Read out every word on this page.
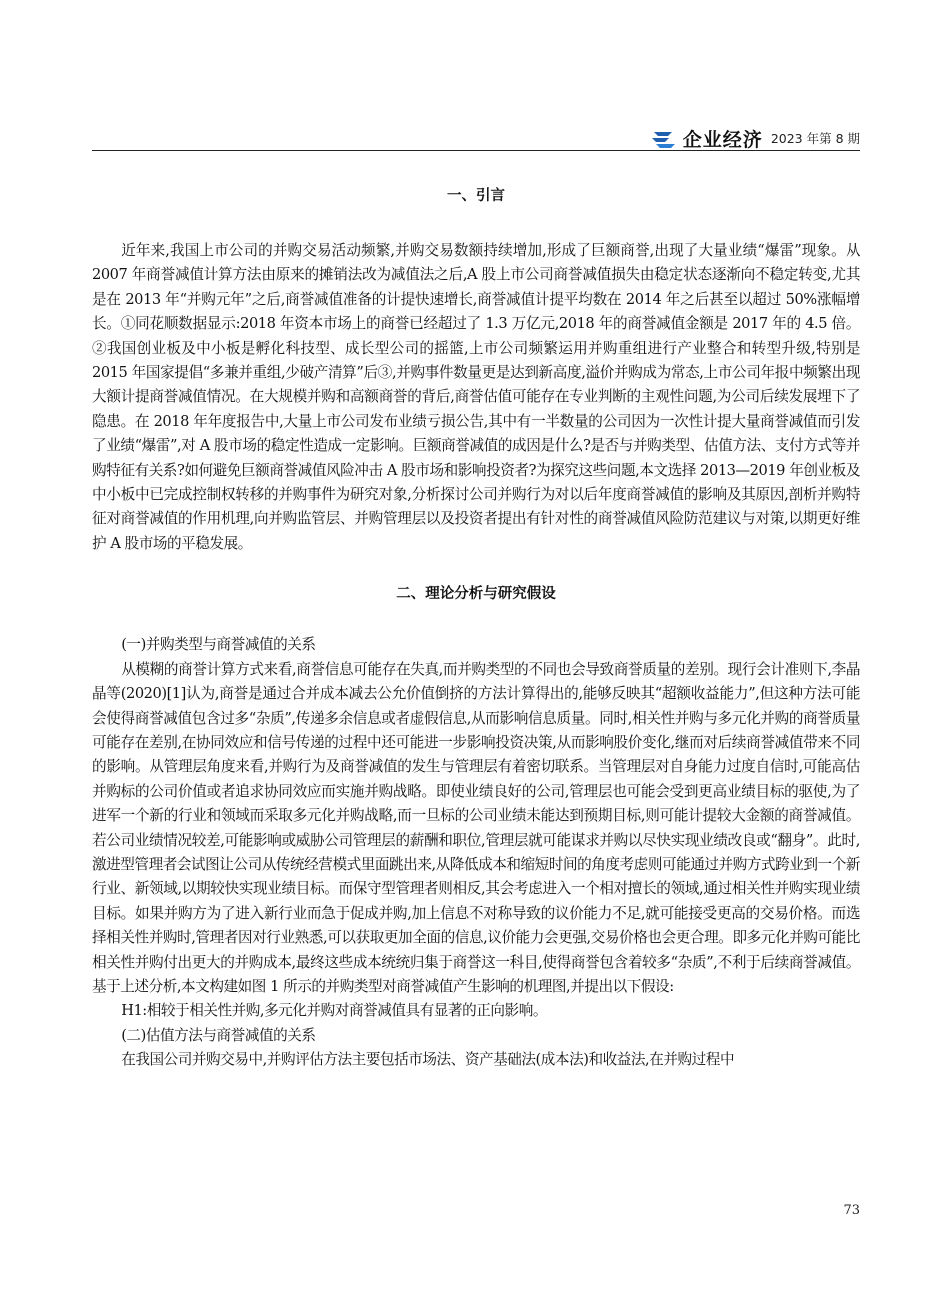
企业经济 2023 年第 8 期
一、引言

近年来,我国上市公司的并购交易活动频繁,并购交易数额持续增加,形成了巨额商誉,出现了大量业绩“爆雷”现象。从 2007 年商誉减值计算方法由原来的摊销法改为减值法之后,A 股上市公司商誉减值损失由稳定状态逐渐向不稳定转变,尤其是在 2013 年“并购元年”之后,商誉减值准备的计提快速增长,商誉减值计提平均数在 2014 年之后甚至以超过 50%涨幅增长。①同花顺数据显示:2018 年资本市场上的商誉已经超过了 1.3 万亿元,2018 年的商誉减值金额是 2017 年的 4.5 倍。②我国创业板及中小板是孵化科技型、成长型公司的摇篮,上市公司频繁运用并购重组进行产业整合和转型升级,特别是 2015 年国家提倡“多兼并重组,少破产清算”后③,并购事件数量更是达到新高度,溢价并购成为常态,上市公司年报中频繁出现大额计提商誉减值情况。在大规模并购和高额商誉的背后,商誉估值可能存在专业判断的主观性问题,为公司后续发展埋下了隐患。在 2018 年年度报告中,大量上市公司发布业绩亏损公告,其中有一半数量的公司因为一次性计提大量商誉减值而引发了业绩“爆雷”,对 A 股市场的稳定性造成一定影响。巨额商誉减值的成因是什么?是否与并购类型、估值方法、支付方式等并购特征有关系?如何避免巨额商誉减值风险冲击 A 股市场和影响投资者?为探究这些问题,本文选择 2013—2019 年创业板及中小板中已完成控制权转移的并购事件为研究对象,分析探讨公司并购行为对以后年度商誉减值的影响及其原因,剖析并购特征对商誉减值的作用机理,向并购监管层、并购管理层以及投资者提出有针对性的商誉减值风险防范建议与对策,以期更好维护 A 股市场的平稳发展。

二、理论分析与研究假设

(一)并购类型与商誉减值的关系

从模糊的商誉计算方式来看,商誉信息可能存在失真,而并购类型的不同也会导致商誉质量的差别。现行会计准则下,李晶晶等(2020)[1]认为,商誉是通过合并成本减去公允价值倒挤的方法计算得出的,能够反映其“超额收益能力”,但这种方法可能会使得商誉减值包含过多“杂质”,传递多余信息或者虚假信息,从而影响信息质量。同时,相关性并购与多元化并购的商誉质量可能存在差别,在协同效应和信号传递的过程中还可能进一步影响投资决策,从而影响股价变化,继而对后续商誉减值带来不同的影响。从管理层角度来看,并购行为及商誉减值的发生与管理层有着密切联系。当管理层对自身能力过度自信时,可能高估并购标的公司价值或者追求协同效应而实施并购战略。即使业绩良好的公司,管理层也可能会受到更高业绩目标的驱使,为了进军一个新的行业和领域而采取多元化并购战略,而一旦标的公司业绩未能达到预期目标,则可能计提较大金额的商誉减值。若公司业绩情况较差,可能影响或威胁公司管理层的薪酬和职位,管理层就可能谋求并购以尽快实现业绩改良或“翻身”。此时,激进型管理者会试图让公司从传统经营模式里面跳出来,从降低成本和缩短时间的角度考虑则可能通过并购方式跨业到一个新行业、新领域,以期较快实现业绩目标。而保守型管理者则相反,其会考虑进入一个相对擅长的领域,通过相关性并购实现业绩目标。如果并购方为了进入新行业而急于促成并购,加上信息不对称导致的议价能力不足,就可能接受更高的交易价格。而选择相关性并购时,管理者因对行业熟悉,可以获取更加全面的信息,议价能力会更强,交易价格也会更合理。即多元化并购可能比相关性并购付出更大的并购成本,最终这些成本统统归集于商誉这一科目,使得商誉包含着较多“杂质”,不利于后续商誉减值。基于上述分析,本文构建如图 1 所示的并购类型对商誉减值产生影响的机理图,并提出以下假设:

H1:相较于相关性并购,多元化并购对商誉减值具有显著的正向影响。

(二)估值方法与商誉减值的关系

在我国公司并购交易中,并购评估方法主要包括市场法、资产基础法(成本法)和收益法,在并购过程中

73
